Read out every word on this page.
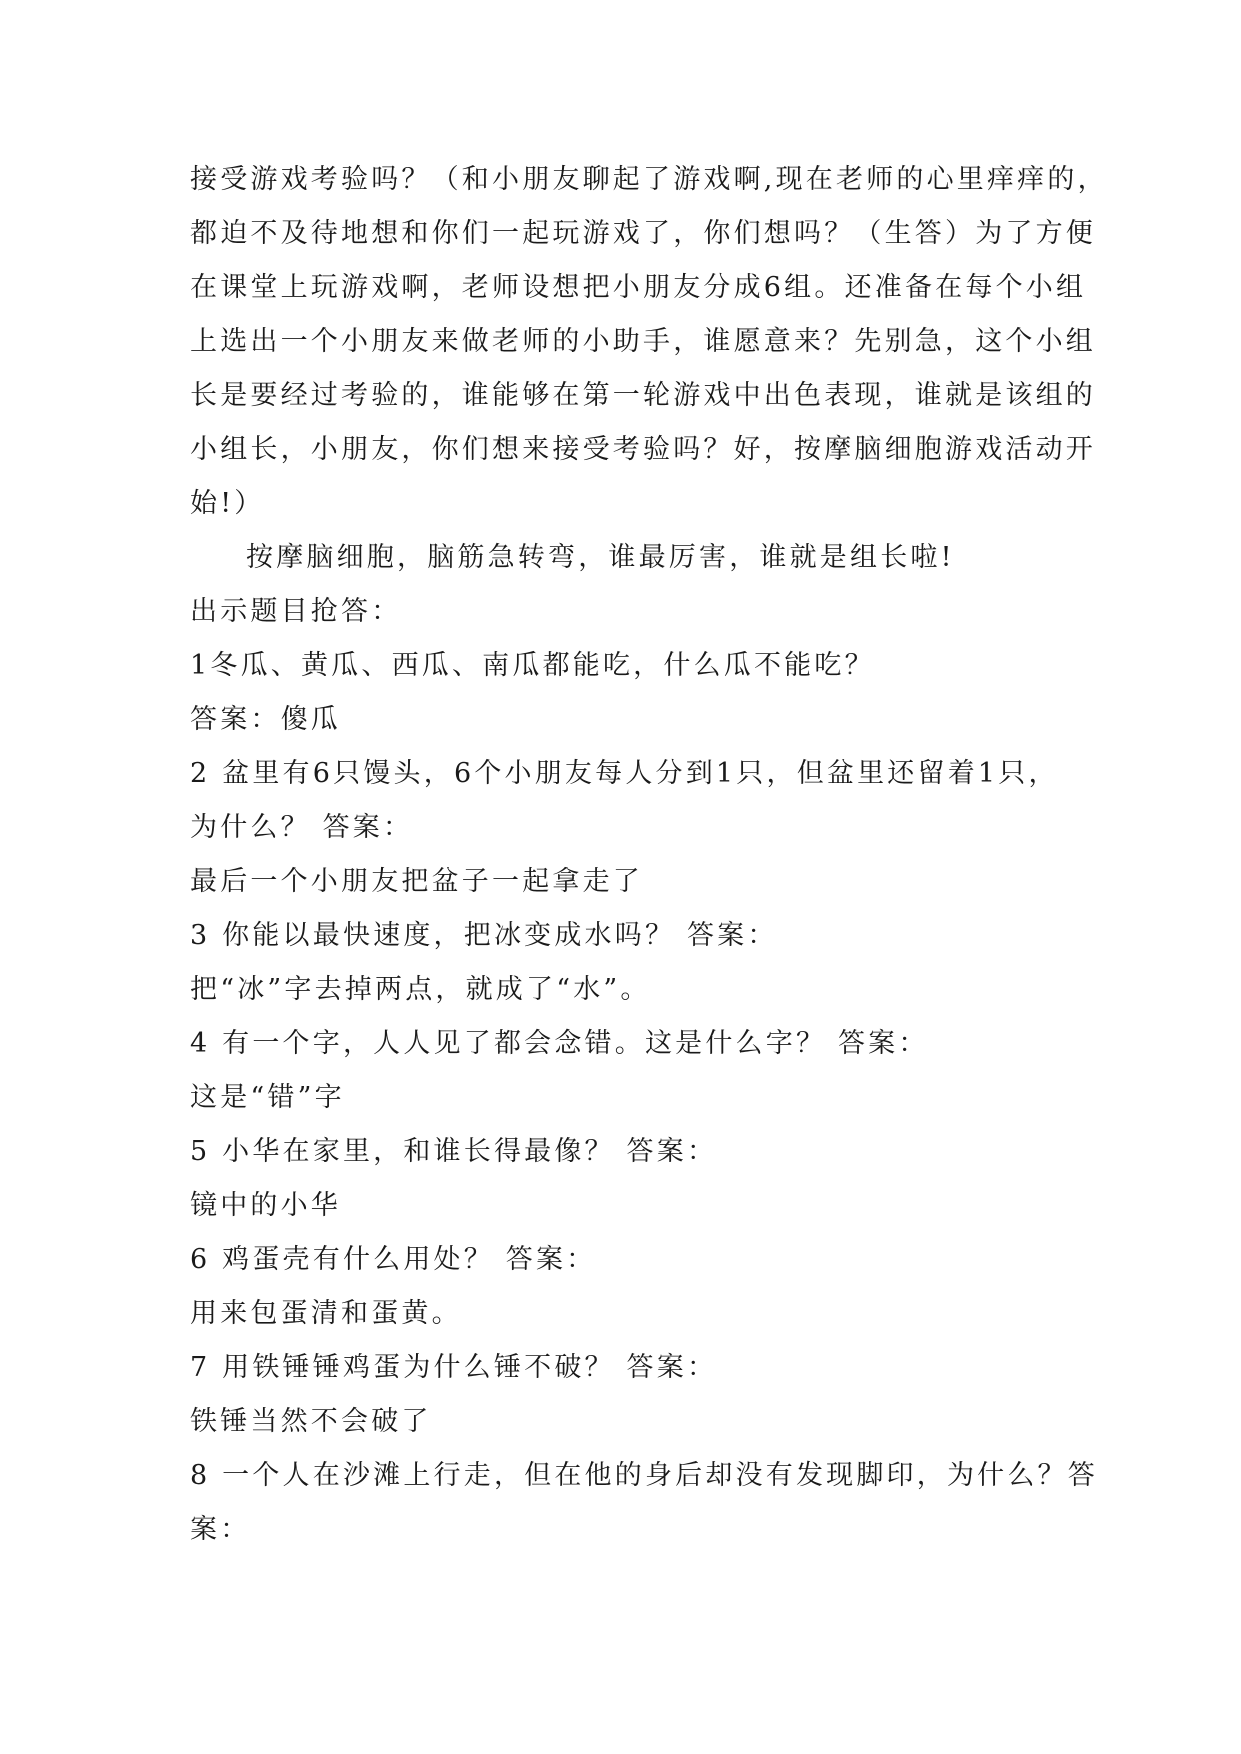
接受游戏考验吗？（和小朋友聊起了游戏啊,现在老师的心里痒痒的，
都迫不及待地想和你们一起玩游戏了，你们想吗？（生答）为了方便
在课堂上玩游戏啊，老师设想把小朋友分成6组。还准备在每个小组
上选出一个小朋友来做老师的小助手，谁愿意来？先别急，这个小组
长是要经过考验的，谁能够在第一轮游戏中出色表现，谁就是该组的
小组长，小朋友，你们想来接受考验吗？好，按摩脑细胞游戏活动开
始!）
按摩脑细胞，脑筋急转弯，谁最厉害，谁就是组长啦!
出示题目抢答：
1冬瓜、黄瓜、西瓜、南瓜都能吃，什么瓜不能吃？
答案：傻瓜
2 盆里有6只馒头，6个小朋友每人分到1只，但盆里还留着1只，
为什么？ 答案：
最后一个小朋友把盆子一起拿走了
3 你能以最快速度，把冰变成水吗？ 答案：
把“冰”字去掉两点，就成了“水”。
4 有一个字，人人见了都会念错。这是什么字？ 答案：
这是“错”字
5 小华在家里，和谁长得最像？ 答案：
镜中的小华
6 鸡蛋壳有什么用处？ 答案：
用来包蛋清和蛋黄。
7 用铁锤锤鸡蛋为什么锤不破？ 答案：
铁锤当然不会破了
8 一个人在沙滩上行走，但在他的身后却没有发现脚印，为什么？答
案：
